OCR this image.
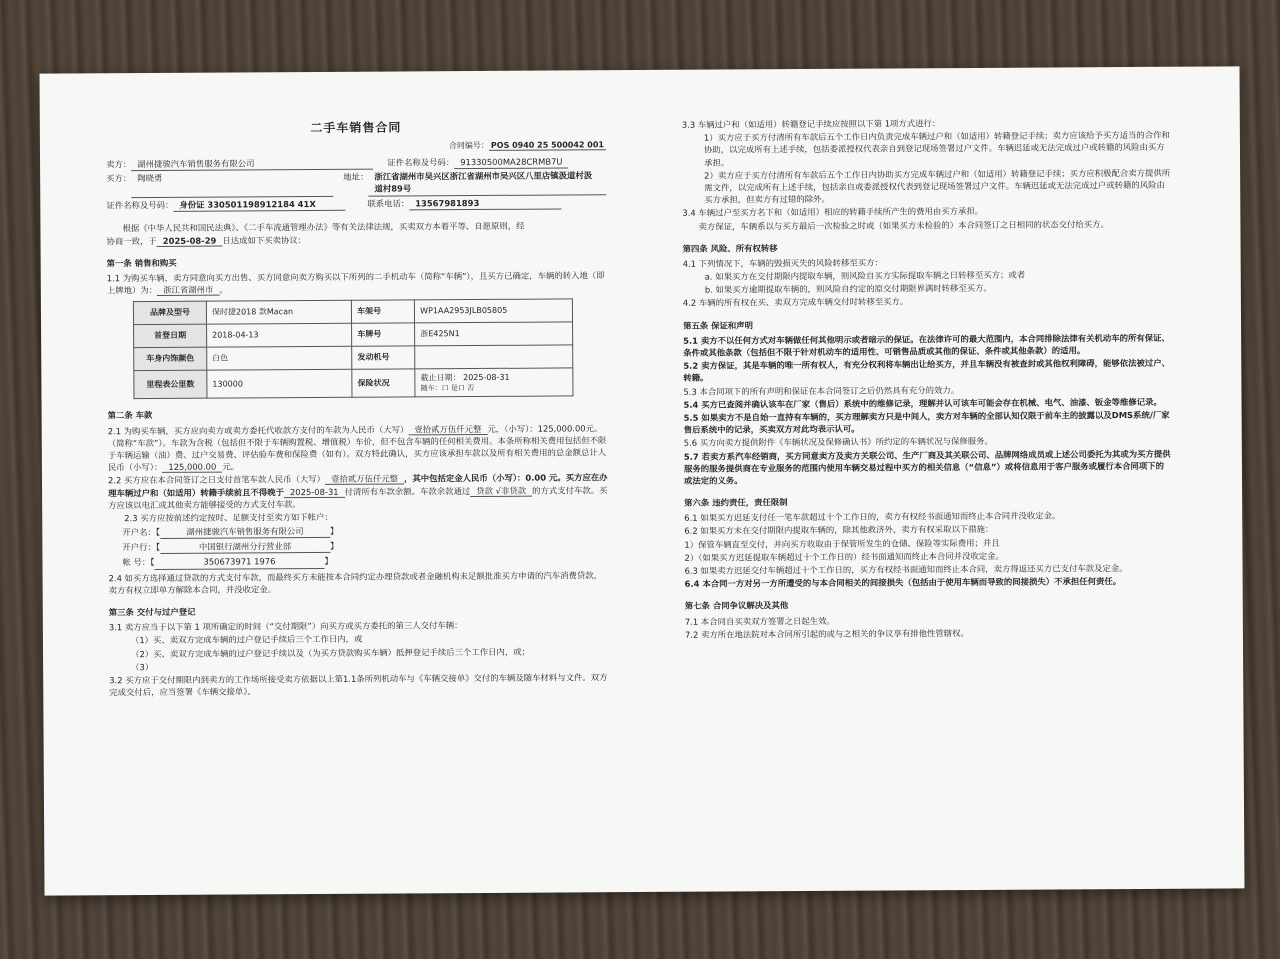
二手车销售合同
合同编号： POS 0940 25 500042 001
卖方： 湖州捷骏汽车销售服务有限公司	证件名称及号码： 91330500MA28CRMB7U
买方： 陶晓勇	地址： 浙江省湖州市吴兴区浙江省湖州市吴兴区八里店镇汲道村汲道村89号
证件名称及号码： 身份证 330501198912184 41X	联系电话： 13567981893

根据《中华人民共和国民法典》、《二手车流通管理办法》等有关法律法规，买卖双方本着平等、自愿原则，经

协商一致，于 2025-08-29 日达成如下买卖协议：

第一条 销售和购买

1.1 为购买车辆，卖方同意向买方出售、买方同意向卖方购买以下所列的二手机动车（简称“车辆”），且买方已确定，车辆的转入地（即上牌地）为： 浙江省湖州市 。

品牌及型号	保时捷2018 款Macan	车架号	WP1AA2953JLB05805
首登日期	2018-04-13	车牌号	浙E425N1
车身内饰颜色	白色	发动机号	
里程表公里数	130000	保险状况	截止日期： 2025-08-31
随车：口 是口 否
第二条 车款

2.1 为购买车辆，买方应向卖方或卖方委托代收款方支付的车款为人民币（大写） 壹拾贰万伍仟元整 元，（小写）：125,000.00元。（简称“车款”）。车款为含税（包括但不限于车辆购置税、增值税）车价，但不包含车辆的任何相关费用。本条所称相关费用包括但不限于车辆运输（油）费、过户交易费、评估验车费和保险费（如有）。双方特此确认，买方应该承担车款以及所有相关费用的总金额总计人民币（小写）： 125,000.00 元。

2.2 买方应在本合同签订之日支付首笔车款人民币（大写） 壹拾贰万伍仟元整 ，其中包括定金人民币（小写）：0.00 元。买方应在办理车辆过户和（如适用）转籍手续前且不得晚于 2025-08-31 付清所有车款余额。车款余款通过 贷款 √非贷款 的方式支付车款。买方应该以电汇或其他卖方能够接受的方式支付车款。

2.3 买方应按前述约定按时、足额支付至卖方如下帐户：

开户名：【	湖州捷骏汽车销售服务有限公司	】
开户行：【	中国银行湖州分行营业部	】
帐 号：【	350673971 1976	】

2.4 如买方选择通过贷款的方式支付车款，而最终买方未能按本合同约定办理贷款或者金融机构未足额批准买方申请的汽车消费贷款，卖方有权立即单方解除本合同，并没收定金。

第三条 交付与过户登记

3.1 卖方应当于以下第 1 项所确定的时间（“交付期限”）向买方或买方委托的第三人交付车辆：

（1）买、卖双方完成车辆的过户登记手续后三个工作日内，或

（2）买、卖双方完成车辆的过户登记手续以及（为买方贷款购买车辆）抵押登记手续后三个工作日内，或；

（3）

3.2 买方应于交付期限内到卖方的工作场所接受卖方依据以上第1.1条所列机动车与《车辆交接单》交付的车辆及随车材料与文件。双方完成交付后，应当签署《车辆交接单》。

3.3 车辆过户和（如适用）转籍登记手续应按照以下第 1项方式进行：

1）买方应于买方付清所有车款后五个工作日内负责完成车辆过户和（如适用）转籍登记手续；卖方应该给予买方适当的合作和协助，以完成所有上述手续，包括委派授权代表亲自到登记现场签署过户文件。车辆迟延或无法完成过户或转籍的风险由买方承担。

2）卖方应于买方付清所有车款后五个工作日内协助买方完成车辆过户和（如适用）转籍登记手续；买方应积极配合卖方提供所需文件，以完成所有上述手续，包括亲自或委派授权代表到登记现场签署过户文件。车辆迟延或无法完成过户或转籍的风险由买方承担，但卖方有过错的除外。

3.4 车辆过户至买方名下和（如适用）相应的转籍手续所产生的费用由买方承担。

卖方保证，车辆系以与买方最后一次检验之时或（如果买方未检验的）本合同签订之日相同的状态交付给买方。

第四条 风险、所有权转移

4.1 下列情况下，车辆的毁损灭失的风险转移至买方：

a. 如果买方在交付期限内提取车辆，则风险自买方实际提取车辆之日转移至买方；或者

b. 如果买方逾期提取车辆的，则风险自约定的原交付期限界满时转移至买方。

4.2 车辆的所有权在买、卖双方完成车辆交付时转移至买方。

第五条 保证和声明

5.1 卖方不以任何方式对车辆做任何其他明示或者暗示的保证。在法律许可的最大范围内，本合同排除法律有关机动车的所有保证、条件或其他条款（包括但不限于针对机动车的适用性、可销售品质或其他的保证、条件或其他条款）的适用。

5.2 卖方保证，其是车辆的唯一所有权人，有充分权利将车辆出让给买方，并且车辆没有被查封或其他权利障碍，能够依法被过户、转籍。

5.3 本合同项下的所有声明和保证在本合同签订之后仍然具有充分的效力。

5.4 买方已查阅并确认该车在厂家（售后）系统中的维修记录，理解并认可该车可能会存在机械、电气、油漆、钣金等维修记录。

5.5 如果卖方不是自始一直持有车辆的，买方理解卖方只是中间人，卖方对车辆的全部认知仅限于前车主的披露以及DMS系统/厂家售后系统中的记录，买卖双方对此均表示认可。

5.6 买方向卖方提供附件《车辆状况及保修确认书》所约定的车辆状况与保修服务。

5.7 若卖方系汽车经销商，买方同意卖方及卖方关联公司、生产厂商及其关联公司、品牌网络成员或上述公司委托为其或为买方提供服务的服务提供商在专业服务的范围内使用车辆交易过程中买方的相关信息（“信息”）或将信息用于客户服务或履行本合同项下的或法定的义务。

第六条 违约责任，责任限制

6.1 如果买方迟延支付任一笔车款超过十个工作日的，卖方有权经书面通知而终止本合同并没收定金。

6.2 如果买方未在交付期限内提取车辆的，除其他救济外，卖方有权采取以下措施：

1）保管车辆直至交付，并向买方收取由于保管所发生的仓储、保险等实际费用；并且

2）（如果买方迟延提取车辆超过十个工作日的）经书面通知而终止本合同并没收定金。

6.3 如果卖方迟延交付车辆超过十个工作日的，买方有权经书面通知而终止本合同，卖方得返还买方已支付车款及定金。

6.4 本合同一方对另一方所遭受的与本合同相关的间接损失（包括由于使用车辆而导致的间接损失）不承担任何责任。

第七条 合同争议解决及其他

7.1 本合同自买卖双方签署之日起生效。

7.2 卖方所在地法院对本合同所引起的或与之相关的争议享有排他性管辖权。
